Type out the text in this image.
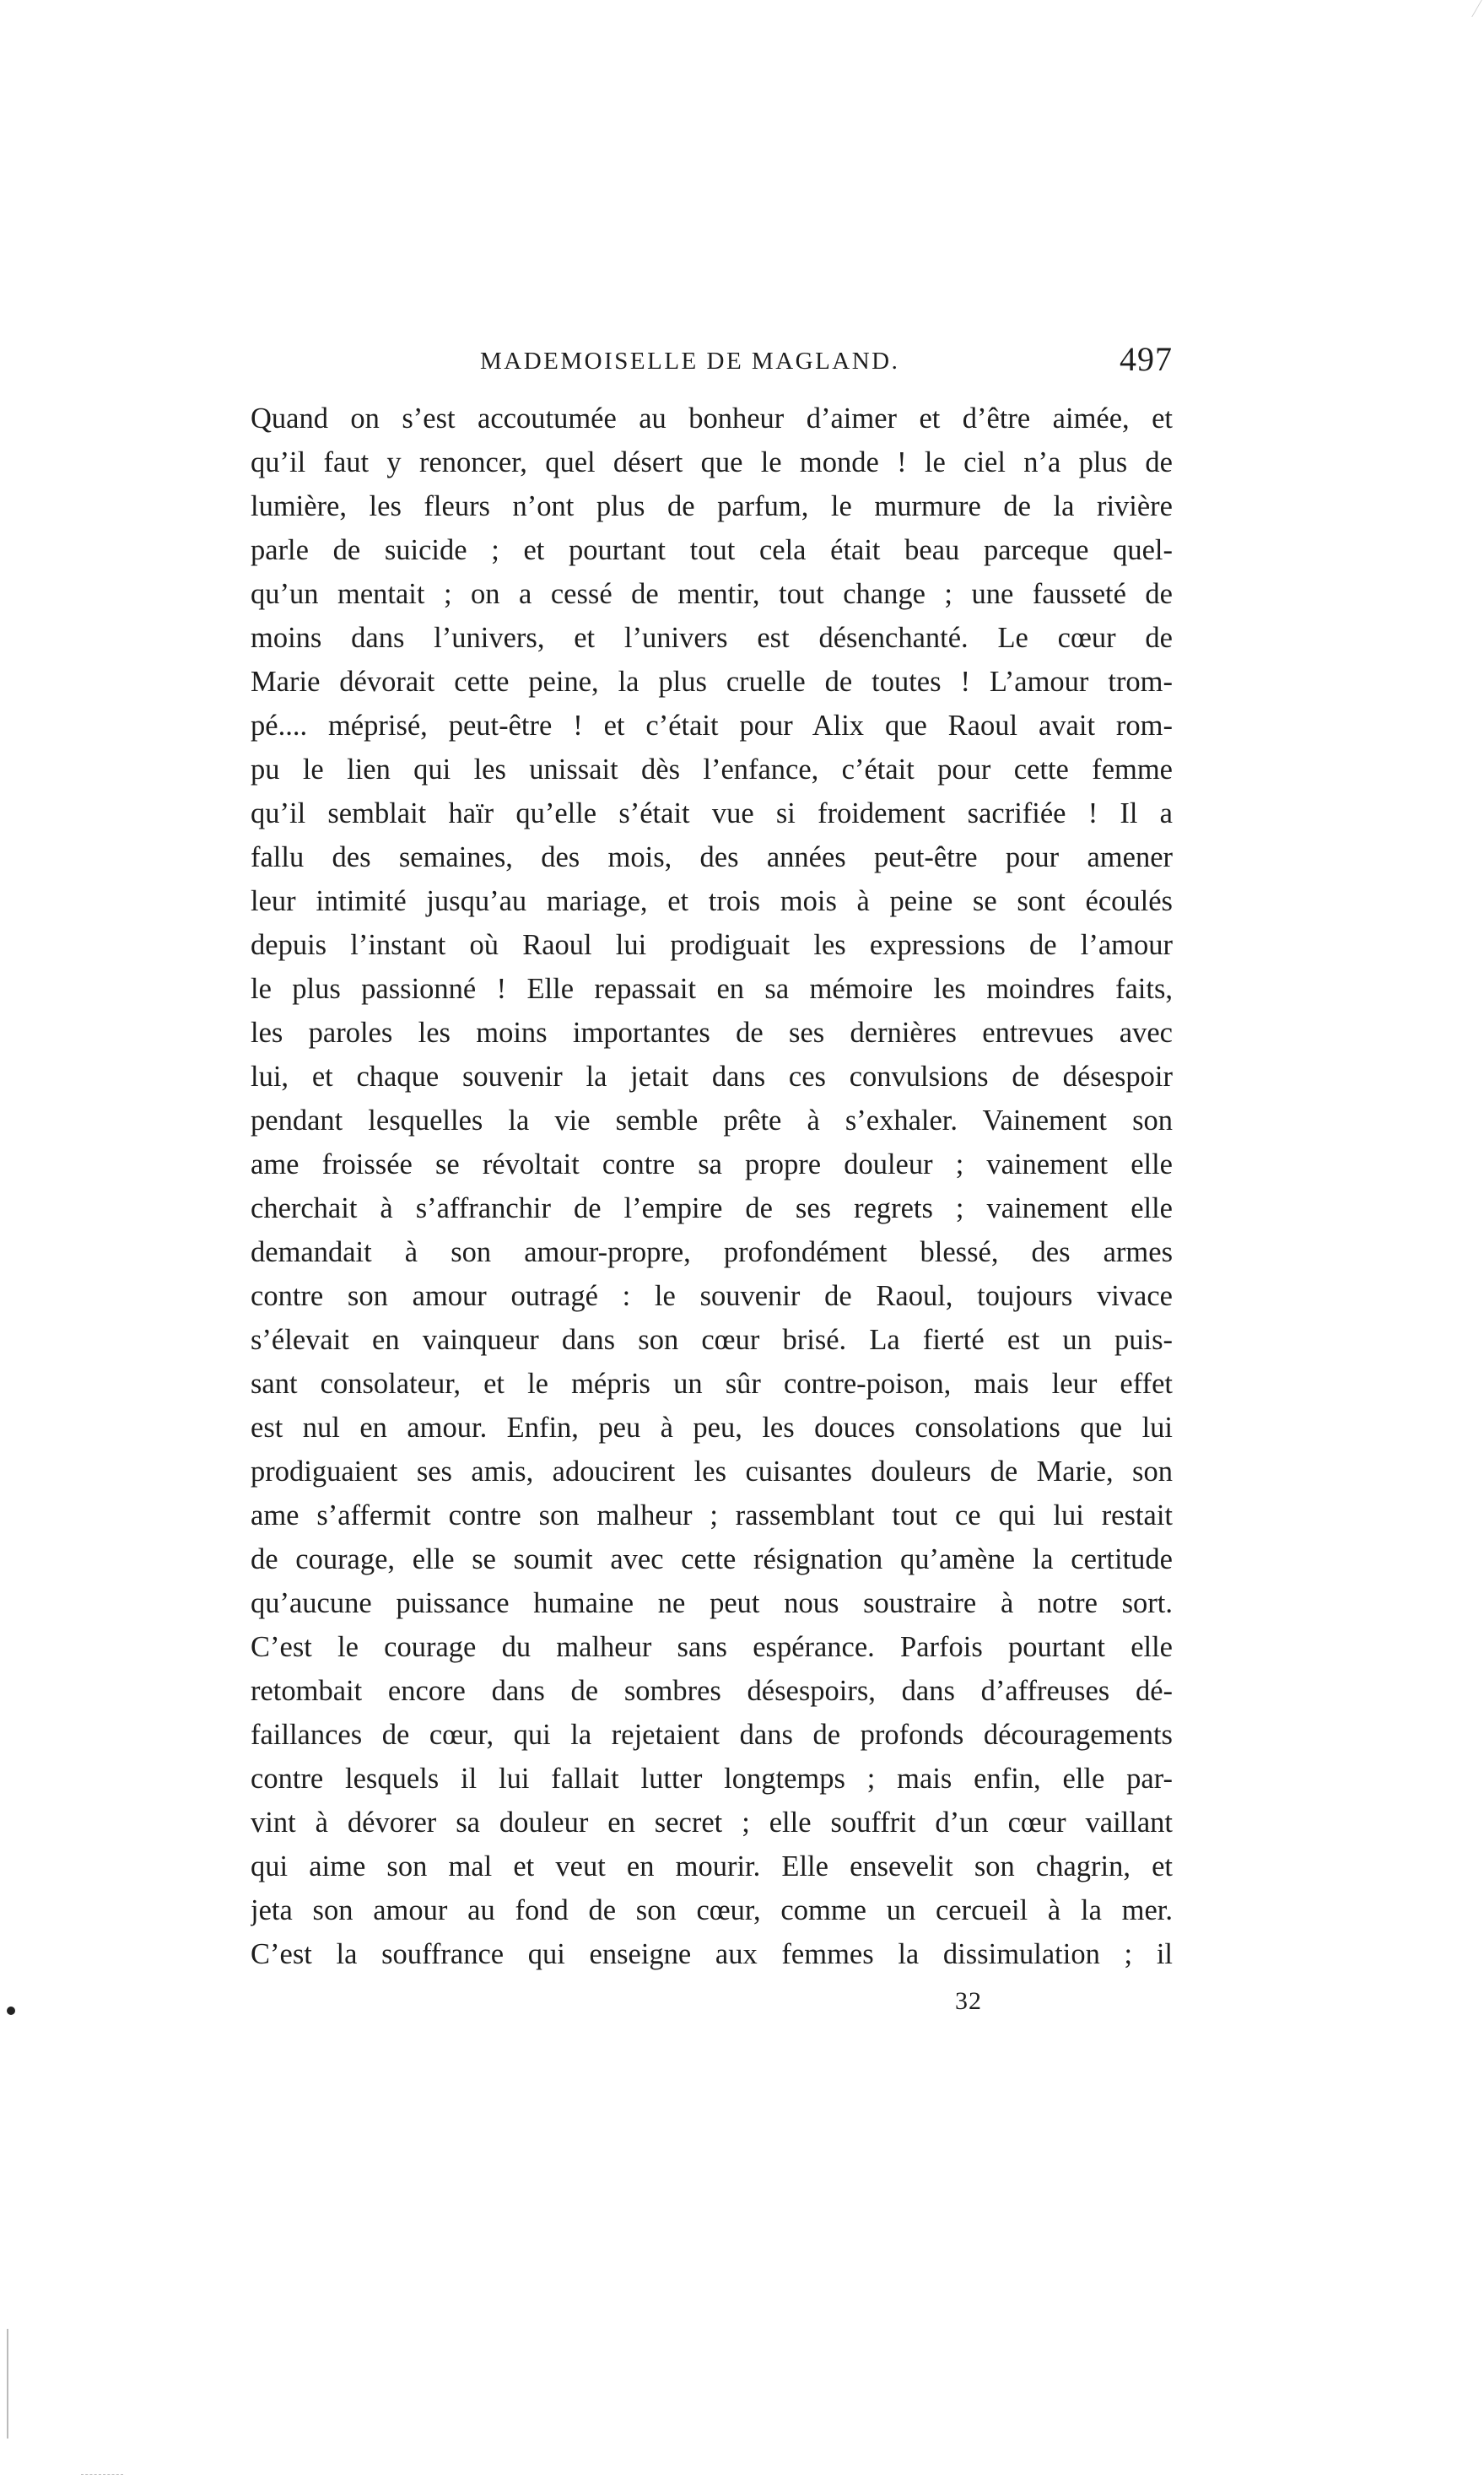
MADEMOISELLE DE MAGLAND.	497
Quand on s’est accoutumée au bonheur d’aimer et d’être aimée, et
qu’il faut y renoncer, quel désert que le monde ! le ciel n’a plus de
lumière, les fleurs n’ont plus de parfum, le murmure de la rivière
parle de suicide ; et pourtant tout cela était beau parceque quel-
qu’un mentait ; on a cessé de mentir, tout change ; une fausseté de
moins dans l’univers, et l’univers est désenchanté. Le cœur de
Marie dévorait cette peine, la plus cruelle de toutes ! L’amour trom-
pé.... méprisé, peut-être ! et c’était pour Alix que Raoul avait rom-
pu le lien qui les unissait dès l’enfance, c’était pour cette femme
qu’il semblait haïr qu’elle s’était vue si froidement sacrifiée ! Il a
fallu des semaines, des mois, des années peut-être pour amener
leur intimité jusqu’au mariage, et trois mois à peine se sont écoulés
depuis l’instant où Raoul lui prodiguait les expressions de l’amour
le plus passionné ! Elle repassait en sa mémoire les moindres faits,
les paroles les moins importantes de ses dernières entrevues avec
lui, et chaque souvenir la jetait dans ces convulsions de désespoir
pendant lesquelles la vie semble prête à s’exhaler. Vainement son
ame froissée se révoltait contre sa propre douleur ; vainement elle
cherchait à s’affranchir de l’empire de ses regrets ; vainement elle
demandait à son amour-propre, profondément blessé, des armes
contre son amour outragé : le souvenir de Raoul, toujours vivace
s’élevait en vainqueur dans son cœur brisé. La fierté est un puis-
sant consolateur, et le mépris un sûr contre-poison, mais leur effet
est nul en amour. Enfin, peu à peu, les douces consolations que lui
prodiguaient ses amis, adoucirent les cuisantes douleurs de Marie, son
ame s’affermit contre son malheur ; rassemblant tout ce qui lui restait
de courage, elle se soumit avec cette résignation qu’amène la certitude
qu’aucune puissance humaine ne peut nous soustraire à notre sort.
C’est le courage du malheur sans espérance. Parfois pourtant elle
retombait encore dans de sombres désespoirs, dans d’affreuses dé-
faillances de cœur, qui la rejetaient dans de profonds découragements
contre lesquels il lui fallait lutter longtemps ; mais enfin, elle par-
vint à dévorer sa douleur en secret ; elle souffrit d’un cœur vaillant
qui aime son mal et veut en mourir. Elle ensevelit son chagrin, et
jeta son amour au fond de son cœur, comme un cercueil à la mer.
C’est la souffrance qui enseigne aux femmes la dissimulation ; il
32
